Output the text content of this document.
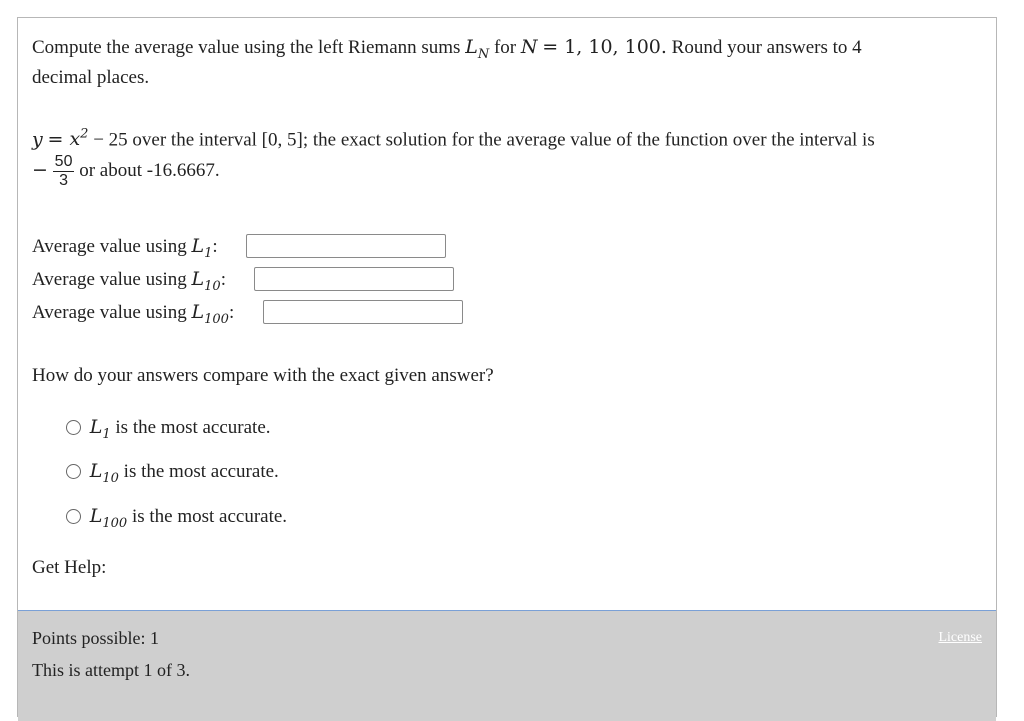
Compute the average value using the left Riemann sums $L_N$ for N = 1, 10, 100. Round your answers to 4
decimal places.
$y = x^2 - 25$ over the interval [0, 5]; the exact solution for the average value of the function over the interval is
− $\frac{50}{3}$ or about -16.6667.
Average value using $L_1$:
Average value using $L_{10}$:
Average value using $L_{100}$:
How do your answers compare with the exact given answer?
$L_1$ is the most accurate.
$L_{10}$ is the most accurate.
$L_{100}$ is the most accurate.
Get Help:
Points possible: 1
This is attempt 1 of 3.
License
